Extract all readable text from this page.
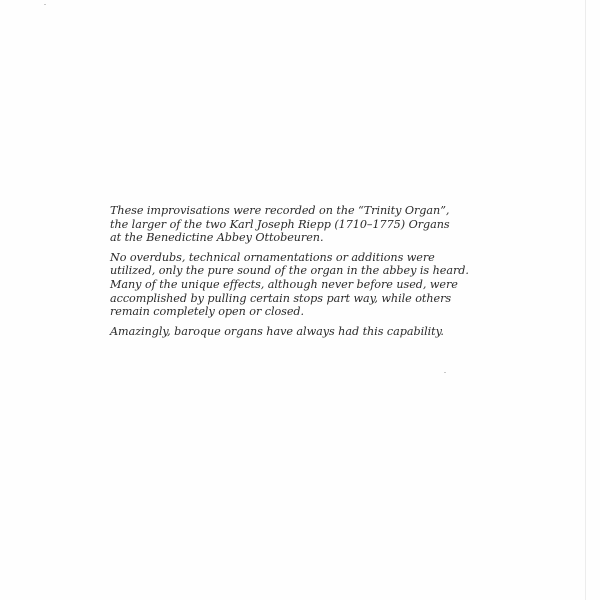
These improvisations were recorded on the “Trinity Organ”,
the larger of the two Karl Joseph Riepp (1710–1775) Organs
at the Benedictine Abbey Ottobeuren.

No overdubs, technical ornamentations or additions were
utilized, only the pure sound of the organ in the abbey is heard.
Many of the unique effects, although never before used, were
accomplished by pulling certain stops part way, while others
remain completely open or closed.

Amazingly, baroque organs have always had this capability.
